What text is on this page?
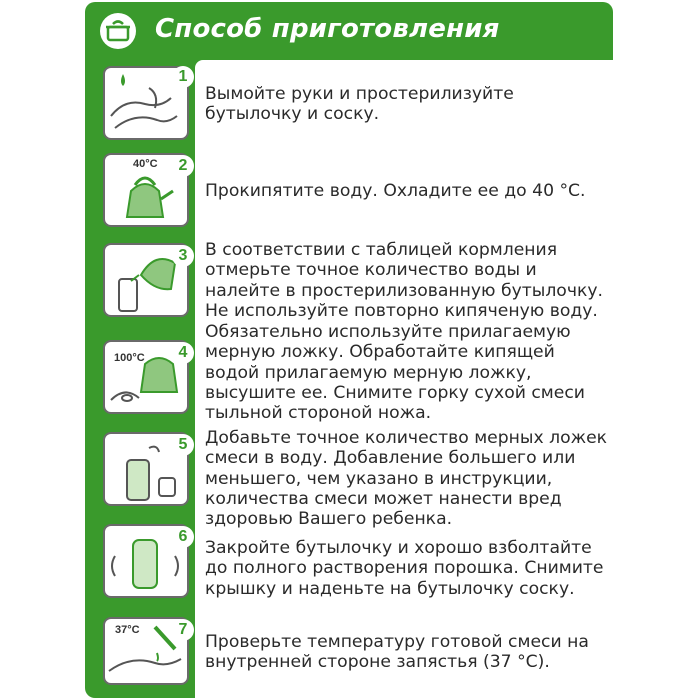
Способ приготовления
1
Вымойте руки и простерилизуйте бутылочку и соску.
40°C	2
Прокипятите воду. Охладите ее до 40 °C.
3	В соответствии с таблицей кормления отмерьте точное количество воды и налейте в простерилизованную бутылочку. Не используйте повторно кипяченую воду.
100°C	4
Обязательно используйте прилагаемую мерную ложку. Обработайте кипящей водой прилагаемую мерную ложку, высушите ее. Снимите горку сухой смеси тыльной стороной ножа.
5	Добавьте точное количество мерных ложек смеси в воду. Добавление большего или меньшего, чем указано в инструкции, количества смеси может нанести вред здоровью Вашего ребенка.
6
Закройте бутылочку и хорошо взболтайте до полного растворения порошка. Снимите крышку и наденьте на бутылочку соску.
37°C	7
Проверьте температуру готовой смеси на внутренней стороне запястья (37 °C).
